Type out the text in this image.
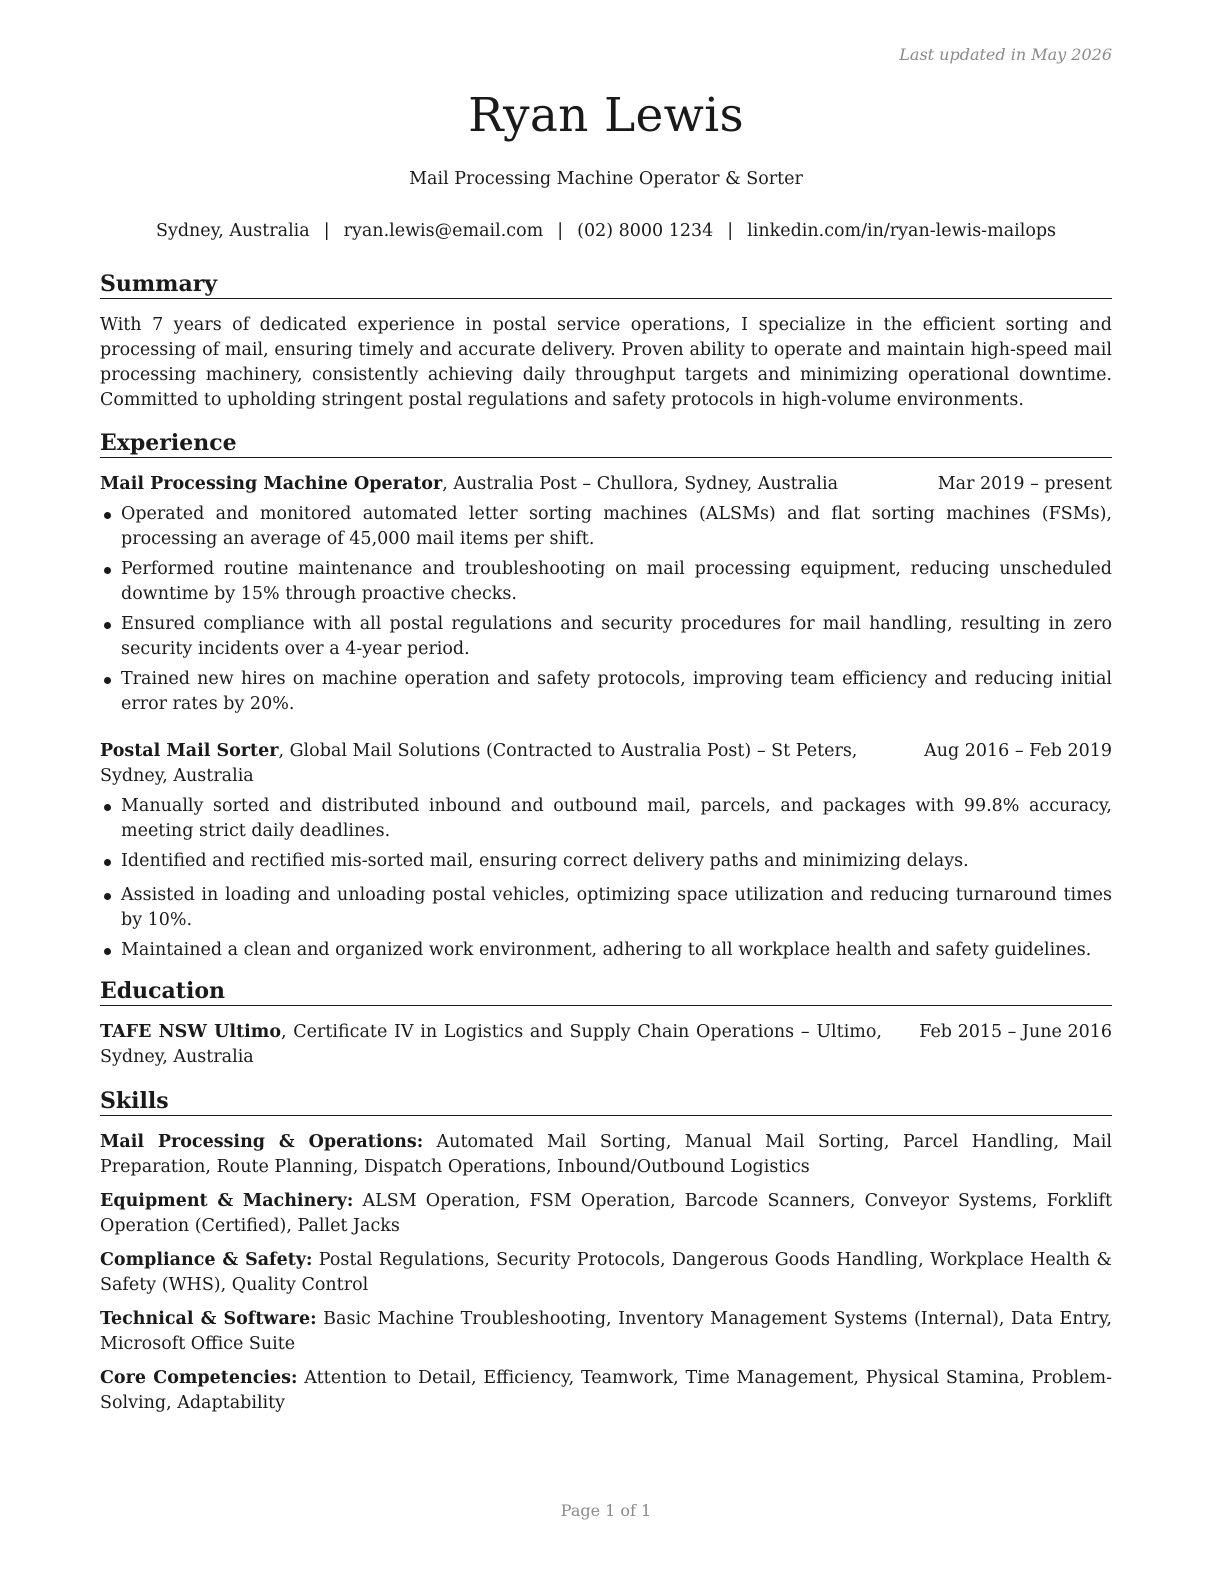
Last updated in May 2026
Ryan Lewis
Mail Processing Machine Operator & Sorter
Sydney, Australia | ryan.lewis@email.com | (02) 8000 1234 | linkedin.com/in/ryan-lewis-mailops
Summary
With 7 years of dedicated experience in postal service operations, I specialize in the efficient sorting and processing of mail, ensuring timely and accurate delivery. Proven ability to operate and maintain high-speed mail processing machinery, consistently achieving daily throughput targets and minimizing operational downtime. Committed to upholding stringent postal regulations and safety protocols in high-volume environments.
Experience
Mail Processing Machine Operator, Australia Post – Chullora, Sydney, Australia	Mar 2019 – present
Operated and monitored automated letter sorting machines (ALSMs) and flat sorting machines (FSMs), processing an average of 45,000 mail items per shift.
Performed routine maintenance and troubleshooting on mail processing equipment, reducing unscheduled downtime by 15% through proactive checks.
Ensured compliance with all postal regulations and security procedures for mail handling, resulting in zero security incidents over a 4-year period.
Trained new hires on machine operation and safety protocols, improving team efficiency and reducing initial error rates by 20%.
Postal Mail Sorter, Global Mail Solutions (Contracted to Australia Post) – St Peters, Sydney, Australia
Aug 2016 – Feb 2019
Manually sorted and distributed inbound and outbound mail, parcels, and packages with 99.8% accuracy, meeting strict daily deadlines.
Identified and rectified mis-sorted mail, ensuring correct delivery paths and minimizing delays.
Assisted in loading and unloading postal vehicles, optimizing space utilization and reducing turnaround times by 10%.
Maintained a clean and organized work environment, adhering to all workplace health and safety guidelines.
Education
TAFE NSW Ultimo, Certificate IV in Logistics and Supply Chain Operations – Ultimo, Sydney, Australia
Feb 2015 – June 2016
Skills
Mail Processing & Operations: Automated Mail Sorting, Manual Mail Sorting, Parcel Handling, Mail Preparation, Route Planning, Dispatch Operations, Inbound/Outbound Logistics
Equipment & Machinery: ALSM Operation, FSM Operation, Barcode Scanners, Conveyor Systems, Forklift Operation (Certified), Pallet Jacks
Compliance & Safety: Postal Regulations, Security Protocols, Dangerous Goods Handling, Workplace Health & Safety (WHS), Quality Control
Technical & Software: Basic Machine Troubleshooting, Inventory Management Systems (Internal), Data Entry, Microsoft Office Suite
Core Competencies: Attention to Detail, Efficiency, Teamwork, Time Management, Physical Stamina, Problem-Solving, Adaptability
Page 1 of 1
